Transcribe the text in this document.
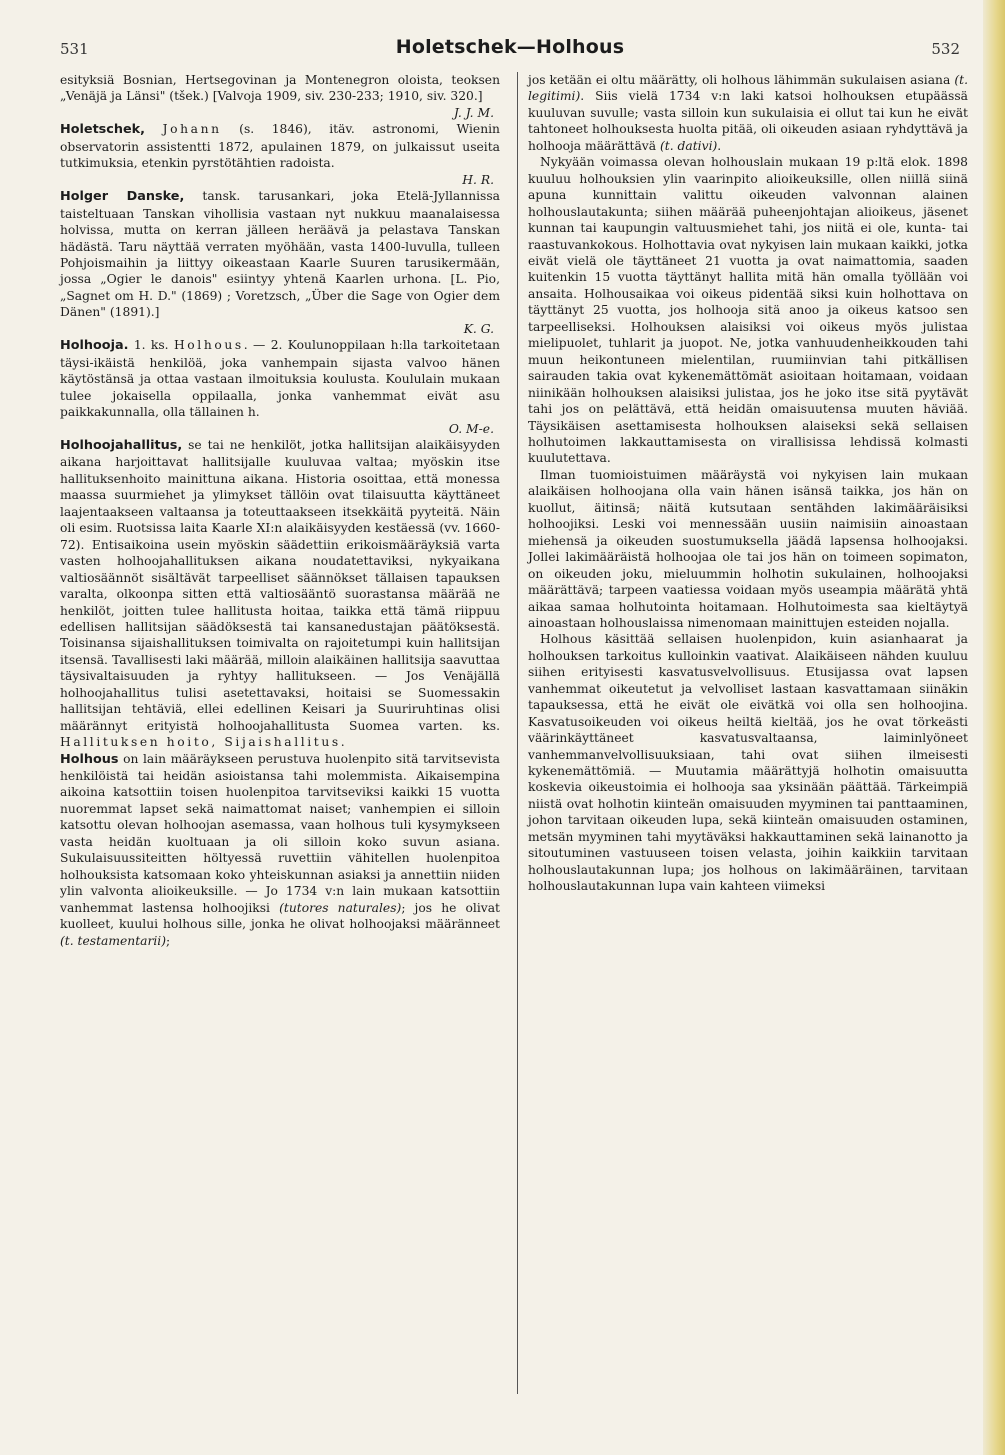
531	Holetschek—Holhous	532

esityksiä Bosnian, Hertsegovinan ja Montenegron oloista, teoksen „Venäjä ja Länsi" (tšek.) [Valvoja 1909, siv. 230-233; 1910, siv. 320.]
J. J. M.

Holetschek, Johann (s. 1846), itäv. astronomi, Wienin observatorin assistentti 1872, apulainen 1879, on julkaissut useita tutkimuksia, etenkin pyrstötähtien radoista.
H. R.

Holger Danske, tansk. tarusankari, joka Etelä-Jyllannissa taisteltuaan Tanskan vihollisia vastaan nyt nukkuu maanalaisessa holvissa, mutta on kerran jälleen heräävä ja pelastava Tanskan hädästä. Taru näyttää verraten myöhään, vasta 1400-luvulla, tulleen Pohjoismaihin ja liittyy oikeastaan Kaarle Suuren tarusikermään, jossa „Ogier le danois" esiintyy yhtenä Kaarlen urhona. [L. Pio, „Sagnet om H. D." (1869) ; Voretzsch, „Über die Sage von Ogier dem Dänen" (1891).]
K. G.

Holhooja. 1. ks. Holhous. — 2. Koulunoppilaan h:lla tarkoitetaan täysi-ikäistä henkilöä, joka vanhempain sijasta valvoo hänen käytöstänsä ja ottaa vastaan ilmoituksia koulusta. Koululain mukaan tulee jokaisella oppilaalla, jonka vanhemmat eivät asu paikkakunnalla, olla tällainen h.
O. M-e.

Holhoojahallitus, se tai ne henkilöt, jotka hallitsijan alaikäisyyden aikana harjoittavat hallitsijalle kuuluvaa valtaa; myöskin itse hallituksenhoito mainittuna aikana. Historia osoittaa, että monessa maassa suurmiehet ja ylimykset tällöin ovat tilaisuutta käyttäneet laajentaakseen valtaansa ja toteuttaakseen itsekkäitä pyyteitä. Näin oli esim. Ruotsissa laita Kaarle XI:n alaikäisyyden kestäessä (vv. 1660-72). Entisaikoina usein myöskin säädettiin erikoismääräyksiä varta vasten holhoojahallituksen aikana noudatettaviksi, nykyaikana valtiosäännöt sisältävät tarpeelliset säännökset tällaisen tapauksen varalta, olkoonpa sitten että valtiosääntö suorastansa määrää ne henkilöt, joitten tulee hallitusta hoitaa, taikka että tämä riippuu edellisen hallitsijan säädöksestä tai kansanedustajan päätöksestä. Toisinansa sijaishallituksen toimivalta on rajoitetumpi kuin hallitsijan itsensä. Tavallisesti laki määrää, milloin alaikäinen hallitsija saavuttaa täysivaltaisuuden ja ryhtyy hallitukseen. — Jos Venäjällä holhoojahallitus tulisi asetettavaksi, hoitaisi se Suomessakin hallitsijan tehtäviä, ellei edellinen Keisari ja Suuriruhtinas olisi määrännyt erityistä holhoojahallitusta Suomea varten. ks. Hallituksen hoito, Sijaishallitus.

Holhous on lain määräykseen perustuva huolenpito sitä tarvitsevista henkilöistä tai heidän asioistansa tahi molemmista. Aikaisempina aikoina katsottiin toisen huolenpitoa tarvitseviksi kaikki 15 vuotta nuoremmat lapset sekä naimattomat naiset; vanhempien ei silloin katsottu olevan holhoojan asemassa, vaan holhous tuli kysymykseen vasta heidän kuoltuaan ja oli silloin koko suvun asiana. Sukulaisuussiteitten höltyessä ruvettiin vähitellen huolenpitoa holhouksista katsomaan koko yhteiskunnan asiaksi ja annettiin niiden ylin valvonta alioikeuksille. — Jo 1734 v:n lain mukaan katsottiin vanhemmat lastensa holhoojiksi (tutores naturales); jos he olivat kuolleet, kuului holhous sille, jonka he olivat holhoojaksi määränneet (t. testamentarii);

jos ketään ei oltu määrätty, oli holhous lähimmän sukulaisen asiana (t. legitimi). Siis vielä 1734 v:n laki katsoi holhouksen etupäässä kuuluvan suvulle; vasta silloin kun sukulaisia ei ollut tai kun he eivät tahtoneet holhouksesta huolta pitää, oli oikeuden asiaan ryhdyttävä ja holhooja määrättävä (t. dativi).

Nykyään voimassa olevan holhouslain mukaan 19 p:ltä elok. 1898 kuuluu holhouksien ylin vaarinpito alioikeuksille, ollen niillä siinä apuna kunnittain valittu oikeuden valvonnan alainen holhouslautakunta; siihen määrää puheenjohtajan alioikeus, jäsenet kunnan tai kaupungin valtuusmiehet tahi, jos niitä ei ole, kunta- tai raastuvankokous. Holhottavia ovat nykyisen lain mukaan kaikki, jotka eivät vielä ole täyttäneet 21 vuotta ja ovat naimattomia, saaden kuitenkin 15 vuotta täyttänyt hallita mitä hän omalla työllään voi ansaita. Holhousaikaa voi oikeus pidentää siksi kuin holhottava on täyttänyt 25 vuotta, jos holhooja sitä anoo ja oikeus katsoo sen tarpeelliseksi. Holhouksen alaisiksi voi oikeus myös julistaa mielipuolet, tuhlarit ja juopot. Ne, jotka vanhuudenheikkouden tahi muun heikontuneen mielentilan, ruumiinvian tahi pitkällisen sairauden takia ovat kykenemättömät asioitaan hoitamaan, voidaan niinikään holhouksen alaisiksi julistaa, jos he joko itse sitä pyytävät tahi jos on pelättävä, että heidän omaisuutensa muuten häviää. Täysikäisen asettamisesta holhouksen alaiseksi sekä sellaisen holhutoimen lakkauttamisesta on virallisissa lehdissä kolmasti kuulutettava.

Ilman tuomioistuimen määräystä voi nykyisen lain mukaan alaikäisen holhoojana olla vain hänen isänsä taikka, jos hän on kuollut, äitinsä; näitä kutsutaan sentähden lakimääräisiksi holhoojiksi. Leski voi mennessään uusiin naimisiin ainoastaan miehensä ja oikeuden suostumuksella jäädä lapsensa holhoojaksi. Jollei lakimääräistä holhoojaa ole tai jos hän on toimeen sopimaton, on oikeuden joku, mieluummin holhotin sukulainen, holhoojaksi määrättävä; tarpeen vaatiessa voidaan myös useampia määrätä yhtä aikaa samaa holhutointa hoitamaan. Holhutoimesta saa kieltäytyä ainoastaan holhouslaissa nimenomaan mainittujen esteiden nojalla.

Holhous käsittää sellaisen huolenpidon, kuin asianhaarat ja holhouksen tarkoitus kulloinkin vaativat. Alaikäiseen nähden kuuluu siihen erityisesti kasvatusvelvollisuus. Etusijassa ovat lapsen vanhemmat oikeutetut ja velvolliset lastaan kasvattamaan siinäkin tapauksessa, että he eivät ole eivätkä voi olla sen holhoojina. Kasvatusoikeuden voi oikeus heiltä kieltää, jos he ovat törkeästi väärinkäyttäneet kasvatusvaltaansa, laiminlyöneet vanhemmanvelvollisuuksiaan, tahi ovat siihen ilmeisesti kykenemättömiä. — Muutamia määrättyjä holhotin omaisuutta koskevia oikeustoimia ei holhooja saa yksinään päättää. Tärkeimpiä niistä ovat holhotin kiinteän omaisuuden myyminen tai panttaaminen, johon tarvitaan oikeuden lupa, sekä kiinteän omaisuuden ostaminen, metsän myyminen tahi myytäväksi hakkauttaminen sekä lainanotto ja sitoutuminen vastuuseen toisen velasta, joihin kaikkiin tarvitaan holhouslautakunnan lupa; jos holhous on lakimääräinen, tarvitaan holhouslautakunnan lupa vain kahteen viimeksi
